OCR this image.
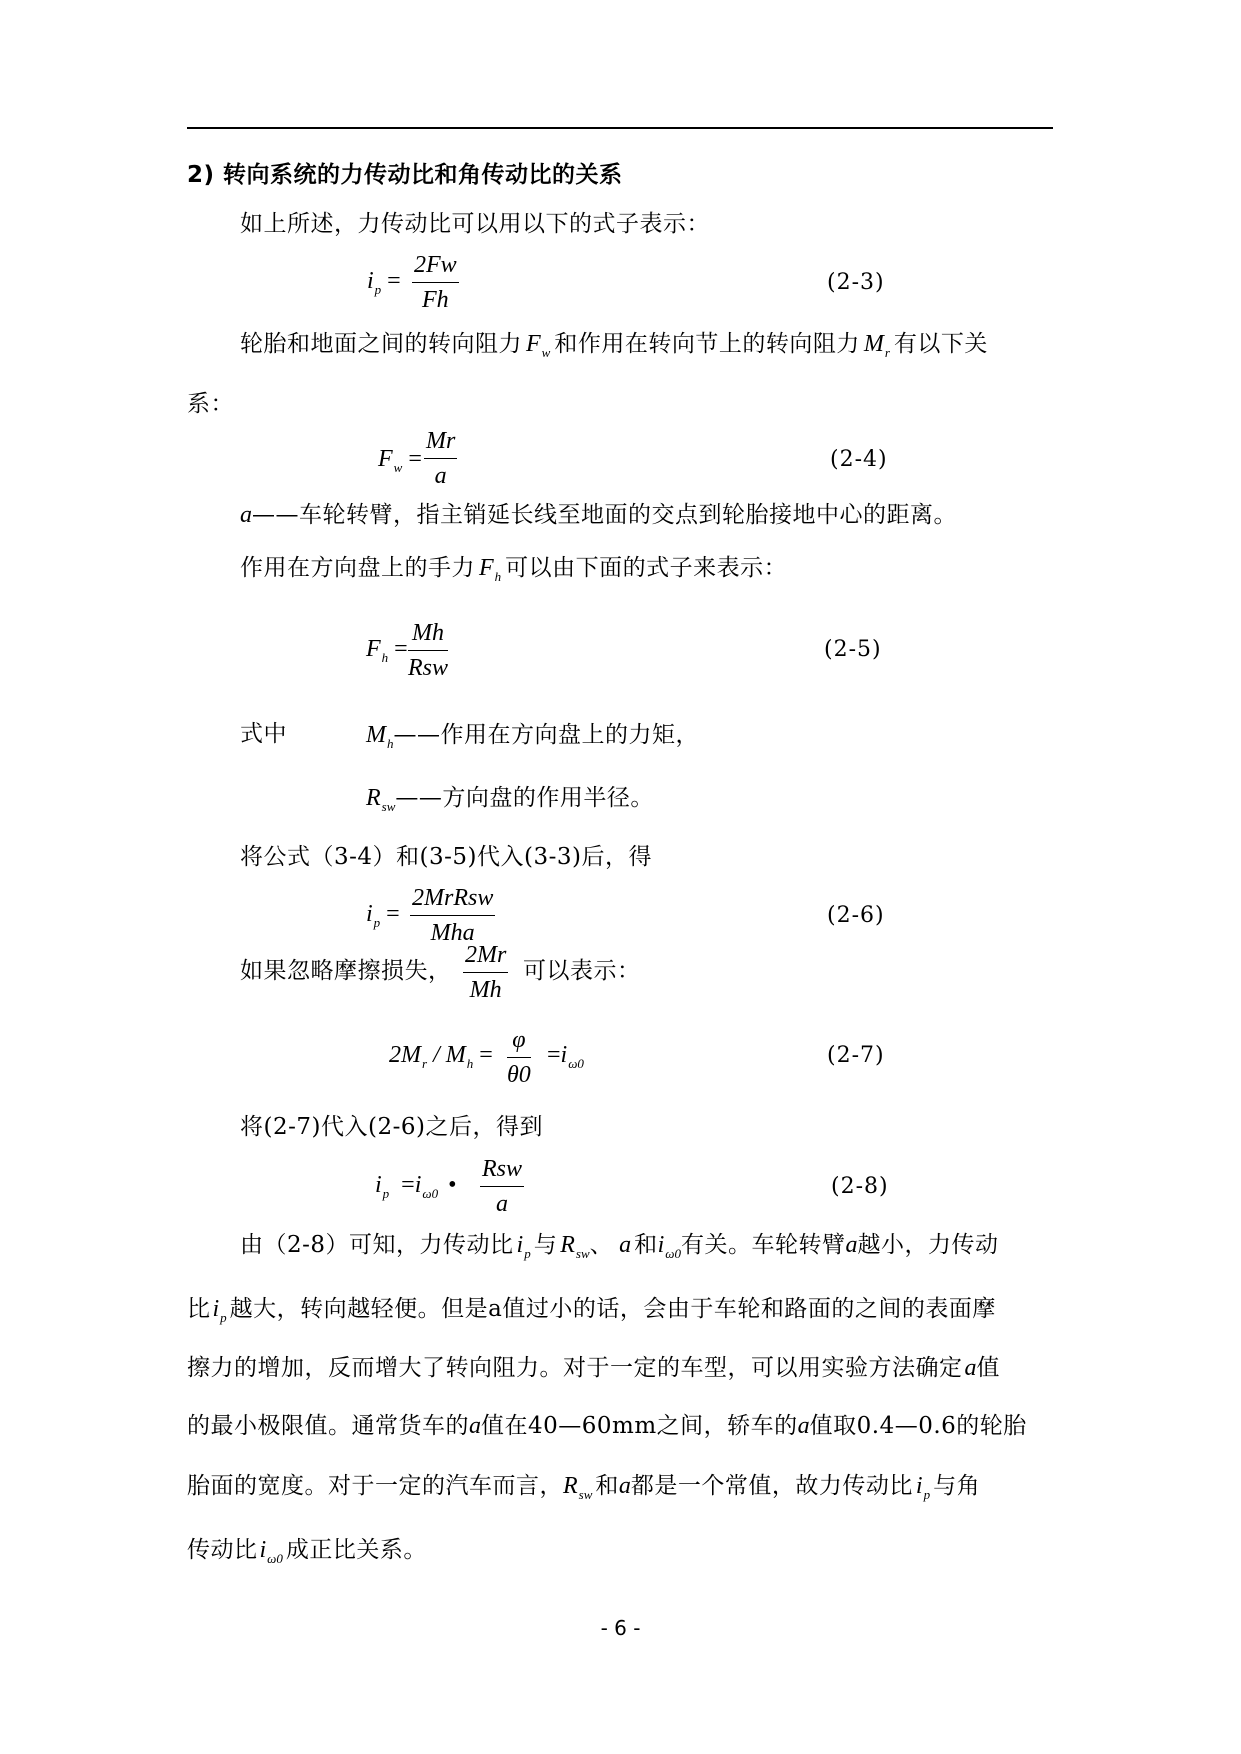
2) 转向系统的力传动比和角传动比的关系
如上所述，力传动比可以用以下的式子表示：
$i_p$ =
2Fw
Fh
(2-3)
轮胎和地面之间的转向阻力 $F_w$ 和作用在转向节上的转向阻力 $M_r$ 有以下关
系：
$F_w$ =
Mr
a
(2-4)
a——车轮转臂，指主销延长线至地面的交点到轮胎接地中心的距离。
作用在方向盘上的手力 $F_h$ 可以由下面的式子来表示：
$F_h$ =
Mh
Rsw
(2-5)
式中	$M_h——$作用在方向盘上的力矩，
$R_{sw}——$方向盘的作用半径。
将公式（3-4）和(3-5)代入(3-3)后，得
$i_p$ =
2MrRsw
Mha
(2-6)
如果忽略摩擦损失，
2Mr
Mh
可以表示：
$2M_r / M_h$ =
φ
θ0
$=i_{\omega 0}$	(2-7)
将(2-7)代入(2-6)之后，得到
$i_p =i_{\omega 0}$ •
Rsw
a
(2-8)
由（2-8）可知，力传动比 $i_p$ 与 $R_{sw}$、 a 和$i_{\omega 0}$有关。车轮转臂a越小，力传动
比$i_p$ 越大，转向越轻便。但是a值过小的话，会由于车轮和路面的之间的表面摩
擦力的增加，反而增大了转向阻力。对于一定的车型，可以用实验方法确定a值
的最小极限值。通常货车的a值在40—60mm之间，轿车的a值取0.4—0.6的轮胎
胎面的宽度。对于一定的汽车而言，$R_{sw}$ 和a都是一个常值，故力传动比 $i_p$ 与角
传动比$i_{\omega 0}$ 成正比关系。
- 6 -
